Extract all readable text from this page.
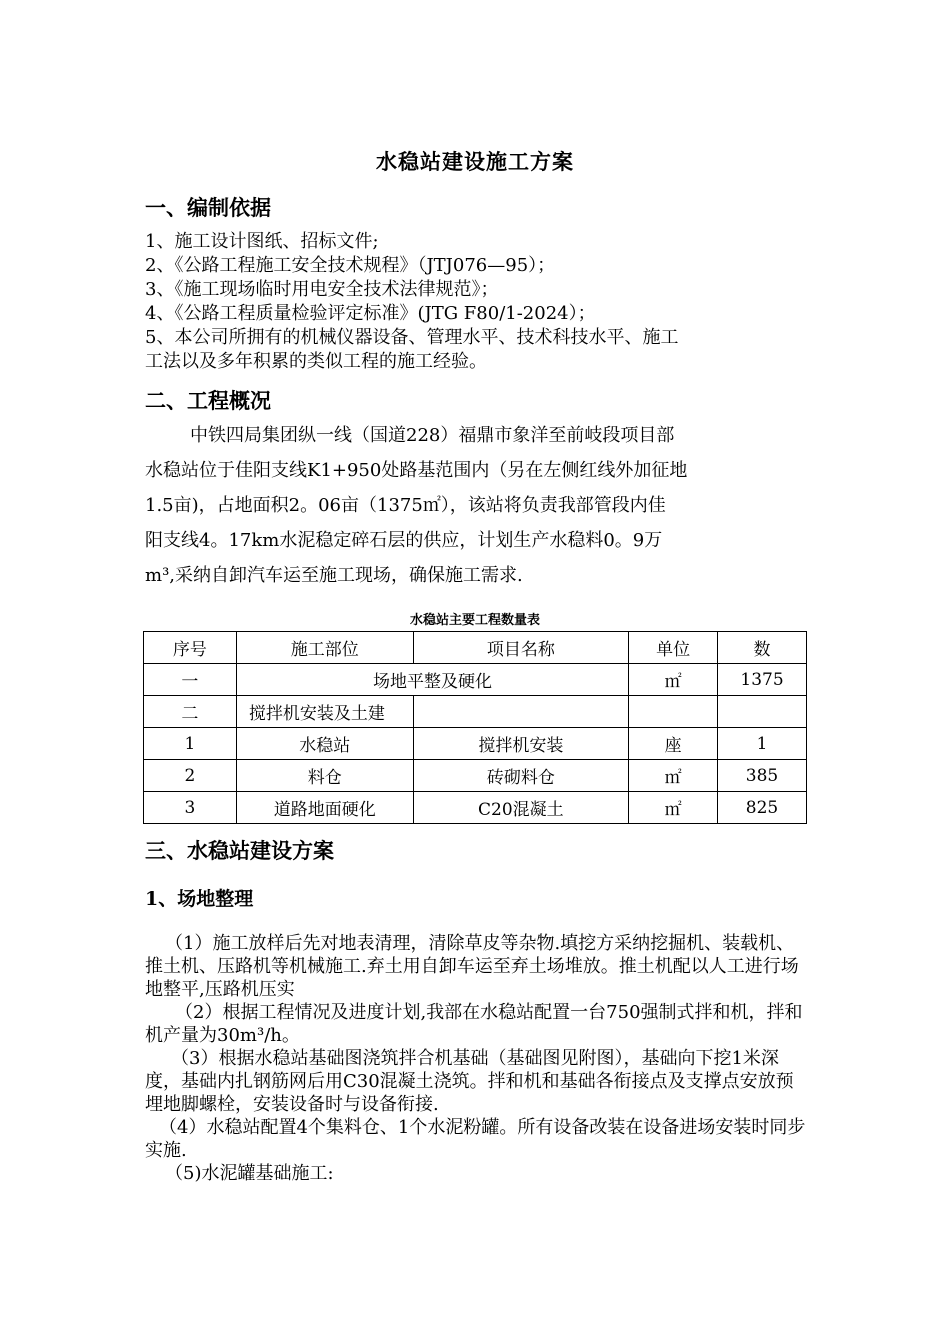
水稳站建设施工方案
一、编制依据
1、施工设计图纸、招标文件;
2、《公路工程施工安全技术规程》（JTJ076—95）；
3、《施工现场临时用电安全技术法律规范》；
4、《公路工程质量检验评定标准》(JTG F80/1-2024）；
5、本公司所拥有的机械仪器设备、管理水平、技术科技水平、施工
工法以及多年积累的类似工程的施工经验。
二、工程概况
中铁四局集团纵一线（国道228）福鼎市象洋至前岐段项目部
水稳站位于佳阳支线K1+950处路基范围内（另在左侧红线外加征地
1.5亩)，占地面积2。06亩（1375㎡），该站将负责我部管段内佳
阳支线4。17km水泥稳定碎石层的供应，计划生产水稳料0。9万
m³,采纳自卸汽车运至施工现场，确保施工需求.
水稳站主要工程数量表
序号	施工部位	项目名称	单位	数
一	场地平整及硬化		㎡	1375
二	搅拌机安装及土建			
1	水稳站	搅拌机安装	座	1
2	料仓	砖砌料仓	㎡	385
3	道路地面硬化	C20混凝土	㎡	825
三、水稳站建设方案
1、场地整理

（1）施工放样后先对地表清理，清除草皮等杂物.填挖方采纳挖掘机、装载机、推土机、压路机等机械施工.弃土用自卸车运至弃土场堆放。推土机配以人工进行场地整平,压路机压实

（2）根据工程情况及进度计划,我部在水稳站配置一台750强制式拌和机，拌和机产量为30m³/h。

（3）根据水稳站基础图浇筑拌合机基础（基础图见附图），基础向下挖1米深度，基础内扎钢筋网后用C30混凝土浇筑。拌和机和基础各衔接点及支撑点安放预埋地脚螺栓，安装设备时与设备衔接.

（4）水稳站配置4个集料仓、1个水泥粉罐。所有设备改装在设备进场安装时同步实施.

（5)水泥罐基础施工:
